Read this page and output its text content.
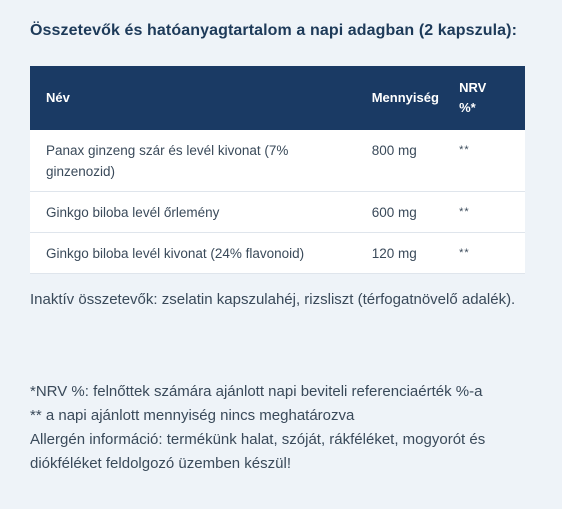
Összetevők és hatóanyagtartalom a napi adagban (2 kapszula):
Név	Mennyiség	NRV
%*

Panax ginzeng szár és levél kivonat (7% ginzenozid)	800 mg	**

Ginkgo biloba levél őrlemény	600 mg	**

Ginkgo biloba levél kivonat (24% flavonoid)	120 mg	**

Inaktív összetevők: zselatin kapszulahéj, rizsliszt (térfogatnövelő adalék).

*NRV %: felnőttek számára ajánlott napi beviteli referenciaérték %-a

** a napi ajánlott mennyiség nincs meghatározva

Allergén információ: termékünk halat, szóját, rákféléket, mogyorót és diókféléket feldolgozó üzemben készül!
